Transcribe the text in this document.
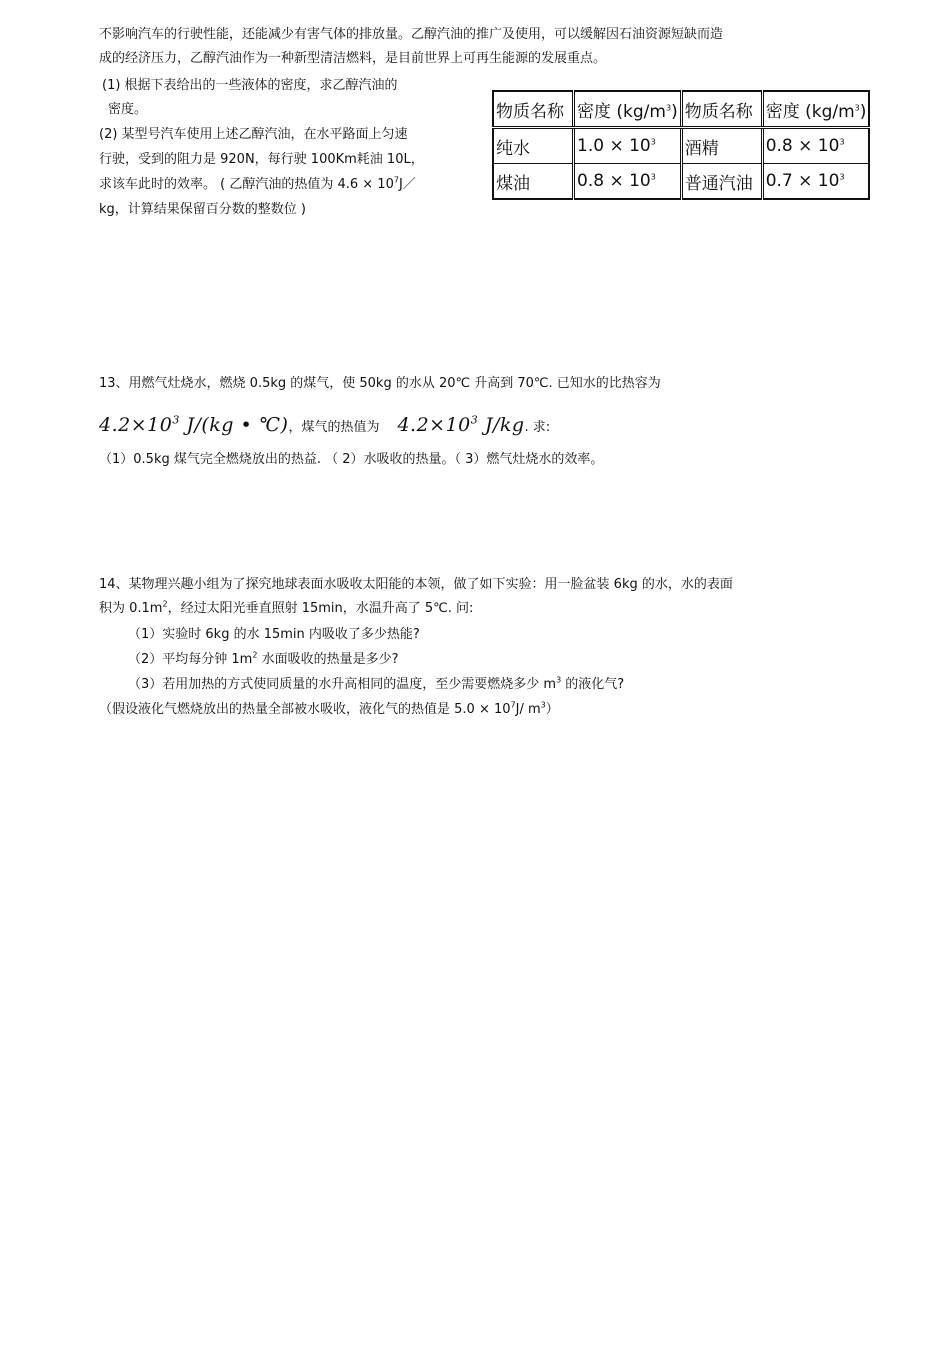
不影响汽车的行驶性能，还能减少有害气体的排放量。乙醇汽油的推广及使用，可以缓解因石油资源短缺而造
成的经济压力，乙醇汽油作为一种新型清洁燃料，是目前世界上可再生能源的发展重点。
(1) 根据下表给出的一些液体的密度，求乙醇汽油的
密度。
(2) 某型号汽车使用上述乙醇汽油，在水平路面上匀速
行驶，受到的阻力是 920N，每行驶 100Km耗油 10L，
求该车此时的效率。 ( 乙醇汽油的热值为 $4.6 \times 10^7J/$
kg，计算结果保留百分数的整数位 )
物质名称	密度 $(kg/m^3)$	物质名称	密度 $(kg/m^3)$
纯水	$1.0 \times 10^3$	酒精	$0.8 \times 10^3$
煤油	$0.8 \times 10^3$	普通汽油	$0.7 \times 10^3$
13、用燃气灶烧水，燃烧 0.5kg 的煤气，使 50kg 的水从 20℃ 升高到 70℃. 已知水的比热容为
$4.2\times 10^3$ J/(kg • ℃)，煤气的热值为 $4.2\times 10^3$ J/kg. 求:
（1）0.5kg 煤气完全燃烧放出的热益. （ 2）水吸收的热量。（ 3）燃气灶烧水的效率。
14、某物理兴趣小组为了探究地球表面水吸收太阳能的本领，做了如下实验：用一脸盆装 6kg 的水，水的表面
积为 $0.1m^2$，经过太阳光垂直照射 15min，水温升高了 5℃. 问:
（1）实验时 6kg 的水 15min 内吸收了多少热能?
（2）平均每分钟 $1m^2$ 水面吸收的热量是多少?
（3）若用加热的方式使同质量的水升高相同的温度，至少需要燃烧多少 $m^3$ 的液化气?
（假设液化气燃烧放出的热量全部被水吸收，液化气的热值是 $5.0 \times 10^7J/$ $m^3$）
